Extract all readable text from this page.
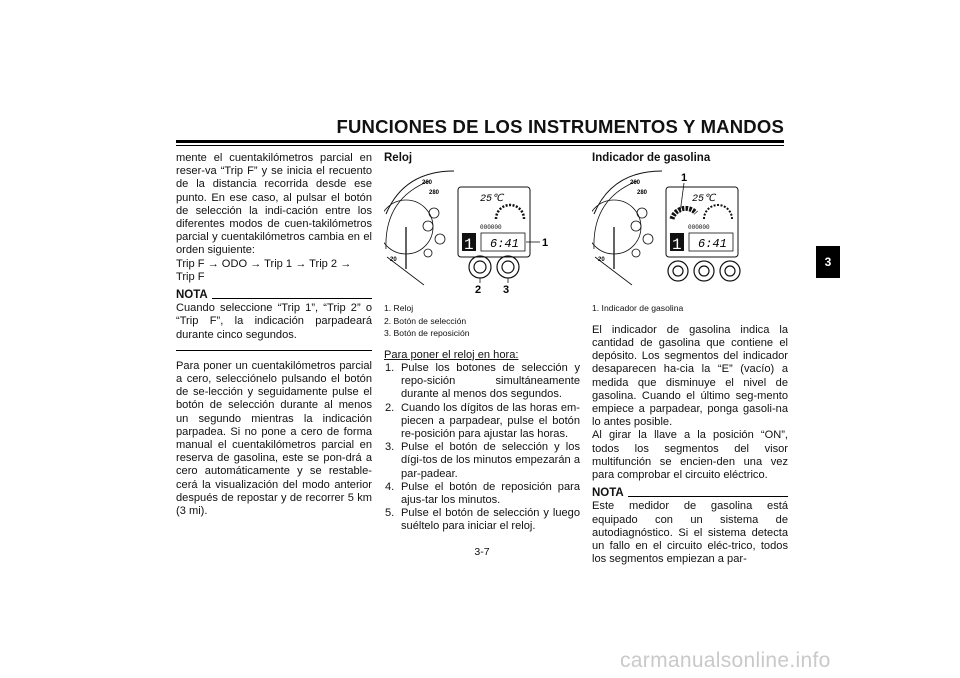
FUNCIONES DE LOS INSTRUMENTOS Y MANDOS

mente el cuentakilómetros parcial en reser-va “Trip F” y se inicia el recuento de la distancia recorrida desde ese punto. En ese caso, al pulsar el botón de selección la indi-cación entre los diferentes modos de cuen-takilómetros parcial y cuentakilómetros cambia en el orden siguiente:

Trip F → ODO → Trip 1 → Trip 2 → Trip F

NOTA

Cuando seleccione “Trip 1”, “Trip 2” o “Trip F”, la indicación parpadeará durante cinco segundos.

Para poner un cuentakilómetros parcial a cero, selecciónelo pulsando el botón de se-lección y seguidamente pulse el botón de selección durante al menos un segundo mientras la indicación parpadea. Si no pone a cero de forma manual el cuentakilómetros parcial en reserva de gasolina, este se pon-drá a cero automáticamente y se restable-cerá la visualización del modo anterior después de repostar y de recorrer 5 km (3 mi).

Reloj
260
280
20
25℃
000000
1 6:41 1
2 3
1. Reloj
2. Botón de selección
3. Botón de reposición
Para poner el reloj en hora:
1. Pulse los botones de selección y repo-sición simultáneamente durante al menos dos segundos.
2. Cuando los dígitos de las horas em-piecen a parpadear, pulse el botón re-posición para ajustar las horas.
3. Pulse el botón de selección y los dígi-tos de los minutos empezarán a par-padear.
4. Pulse el botón de reposición para ajus-tar los minutos.
5. Pulse el botón de selección y luego suéltelo para iniciar el reloj.
Indicador de gasolina
260
280
20
25℃
000000
1 6:41
1
1. Indicador de gasolina

El indicador de gasolina indica la cantidad de gasolina que contiene el depósito. Los segmentos del indicador desaparecen ha-cia la “E” (vacío) a medida que disminuye el nivel de gasolina. Cuando el último seg-mento empiece a parpadear, ponga gasoli-na lo antes posible.

Al girar la llave a la posición “ON”, todos los segmentos del visor multifunción se encien-den una vez para comprobar el circuito eléctrico.

NOTA

Este medidor de gasolina está equipado con un sistema de autodiagnóstico. Si el sistema detecta un fallo en el circuito eléc-trico, todos los segmentos empiezan a par-

3
3-7
carmanualsonline.info
